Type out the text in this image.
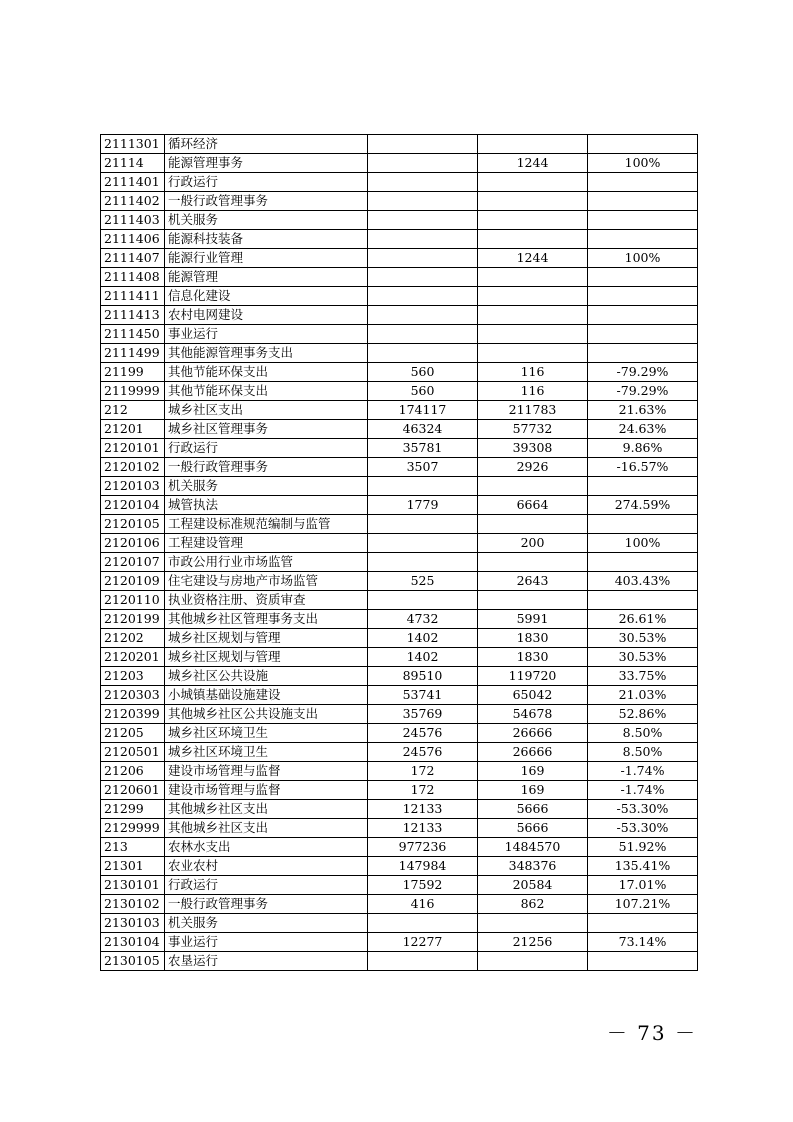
2111301	循环经济			
21114	能源管理事务		1244	100%
2111401	行政运行			
2111402	一般行政管理事务			
2111403	机关服务			
2111406	能源科技装备			
2111407	能源行业管理		1244	100%
2111408	能源管理			
2111411	信息化建设			
2111413	农村电网建设			
2111450	事业运行			
2111499	其他能源管理事务支出			
21199	其他节能环保支出	560	116	-79.29%
2119999	其他节能环保支出	560	116	-79.29%
212	城乡社区支出	174117	211783	21.63%
21201	城乡社区管理事务	46324	57732	24.63%
2120101	行政运行	35781	39308	9.86%
2120102	一般行政管理事务	3507	2926	-16.57%
2120103	机关服务			
2120104	城管执法	1779	6664	274.59%
2120105	工程建设标准规范编制与监管			
2120106	工程建设管理		200	100%
2120107	市政公用行业市场监管			
2120109	住宅建设与房地产市场监管	525	2643	403.43%
2120110	执业资格注册、资质审查			
2120199	其他城乡社区管理事务支出	4732	5991	26.61%
21202	城乡社区规划与管理	1402	1830	30.53%
2120201	城乡社区规划与管理	1402	1830	30.53%
21203	城乡社区公共设施	89510	119720	33.75%
2120303	小城镇基础设施建设	53741	65042	21.03%
2120399	其他城乡社区公共设施支出	35769	54678	52.86%
21205	城乡社区环境卫生	24576	26666	8.50%
2120501	城乡社区环境卫生	24576	26666	8.50%
21206	建设市场管理与监督	172	169	-1.74%
2120601	建设市场管理与监督	172	169	-1.74%
21299	其他城乡社区支出	12133	5666	-53.30%
2129999	其他城乡社区支出	12133	5666	-53.30%
213	农林水支出	977236	1484570	51.92%
21301	农业农村	147984	348376	135.41%
2130101	行政运行	17592	20584	17.01%
2130102	一般行政管理事务	416	862	107.21%
2130103	机关服务			
2130104	事业运行	12277	21256	73.14%
2130105	农垦运行			
－ 73 －
